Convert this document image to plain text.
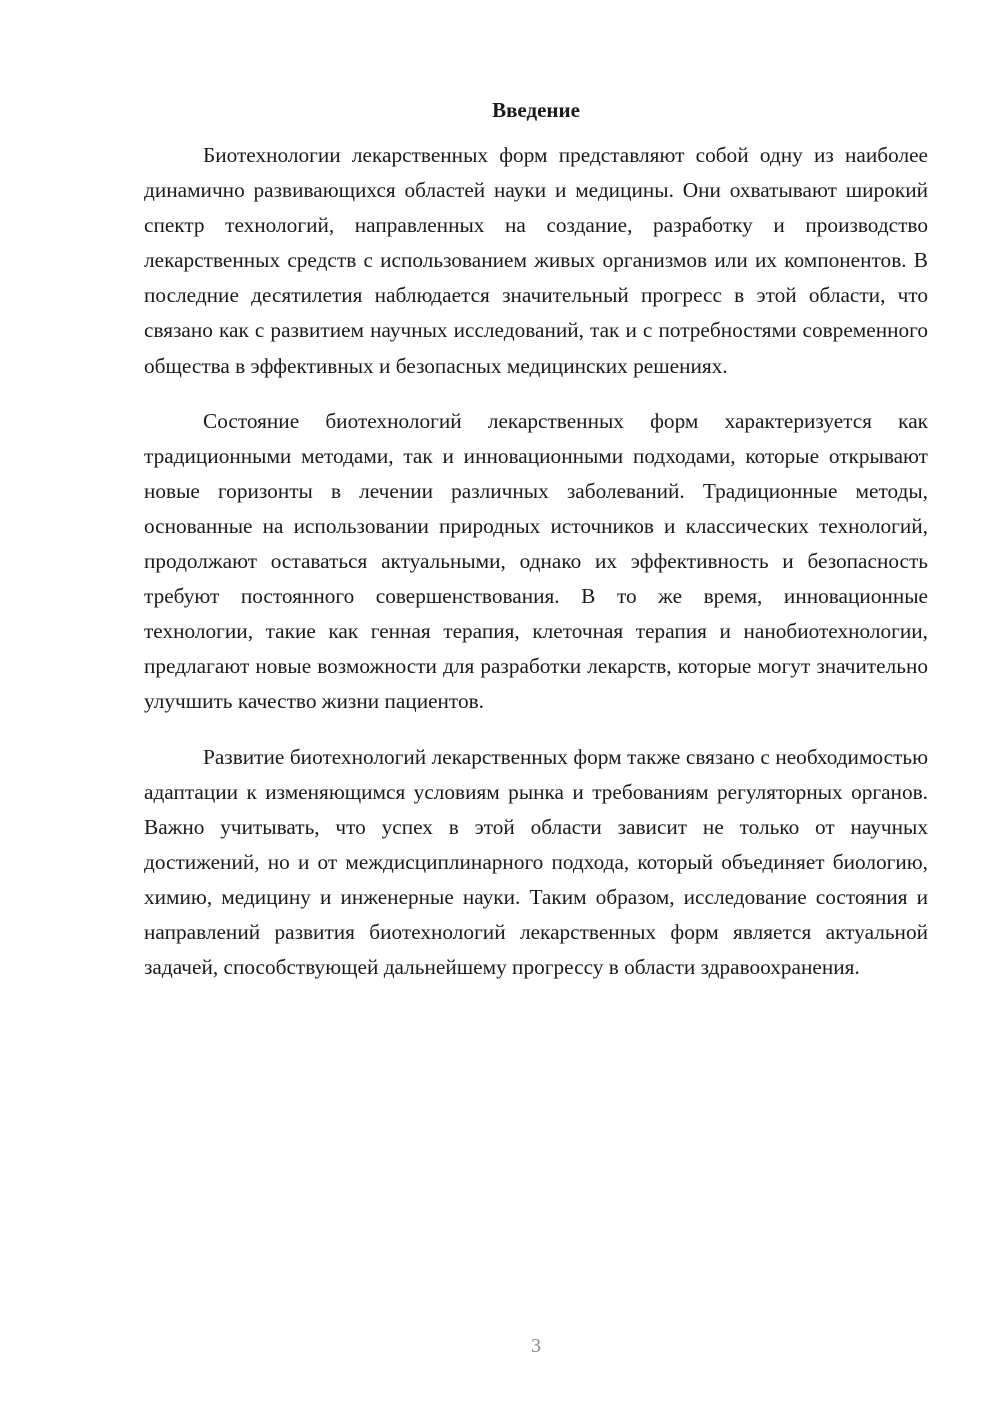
Введение

Биотехнологии лекарственных форм представляют собой одну из наиболее динамично развивающихся областей науки и медицины. Они охватывают широкий спектр технологий, направленных на создание, разработку и производство лекарственных средств с использованием живых организмов или их компонентов. В последние десятилетия наблюдается значительный прогресс в этой области, что связано как с развитием научных исследований, так и с потребностями современного общества в эффективных и безопасных медицинских решениях.

Состояние биотехнологий лекарственных форм характеризуется как традиционными методами, так и инновационными подходами, которые открывают новые горизонты в лечении различных заболеваний. Традиционные методы, основанные на использовании природных источников и классических технологий, продолжают оставаться актуальными, однако их эффективность и безопасность требуют постоянного совершенствования. В то же время, инновационные технологии, такие как генная терапия, клеточная терапия и нанобиотехнологии, предлагают новые возможности для разработки лекарств, которые могут значительно улучшить качество жизни пациентов.

Развитие биотехнологий лекарственных форм также связано с необходимостью адаптации к изменяющимся условиям рынка и требованиям регуляторных органов. Важно учитывать, что успех в этой области зависит не только от научных достижений, но и от междисциплинарного подхода, который объединяет биологию, химию, медицину и инженерные науки. Таким образом, исследование состояния и направлений развития биотехнологий лекарственных форм является актуальной задачей, способствующей дальнейшему прогрессу в области здравоохранения.

3
